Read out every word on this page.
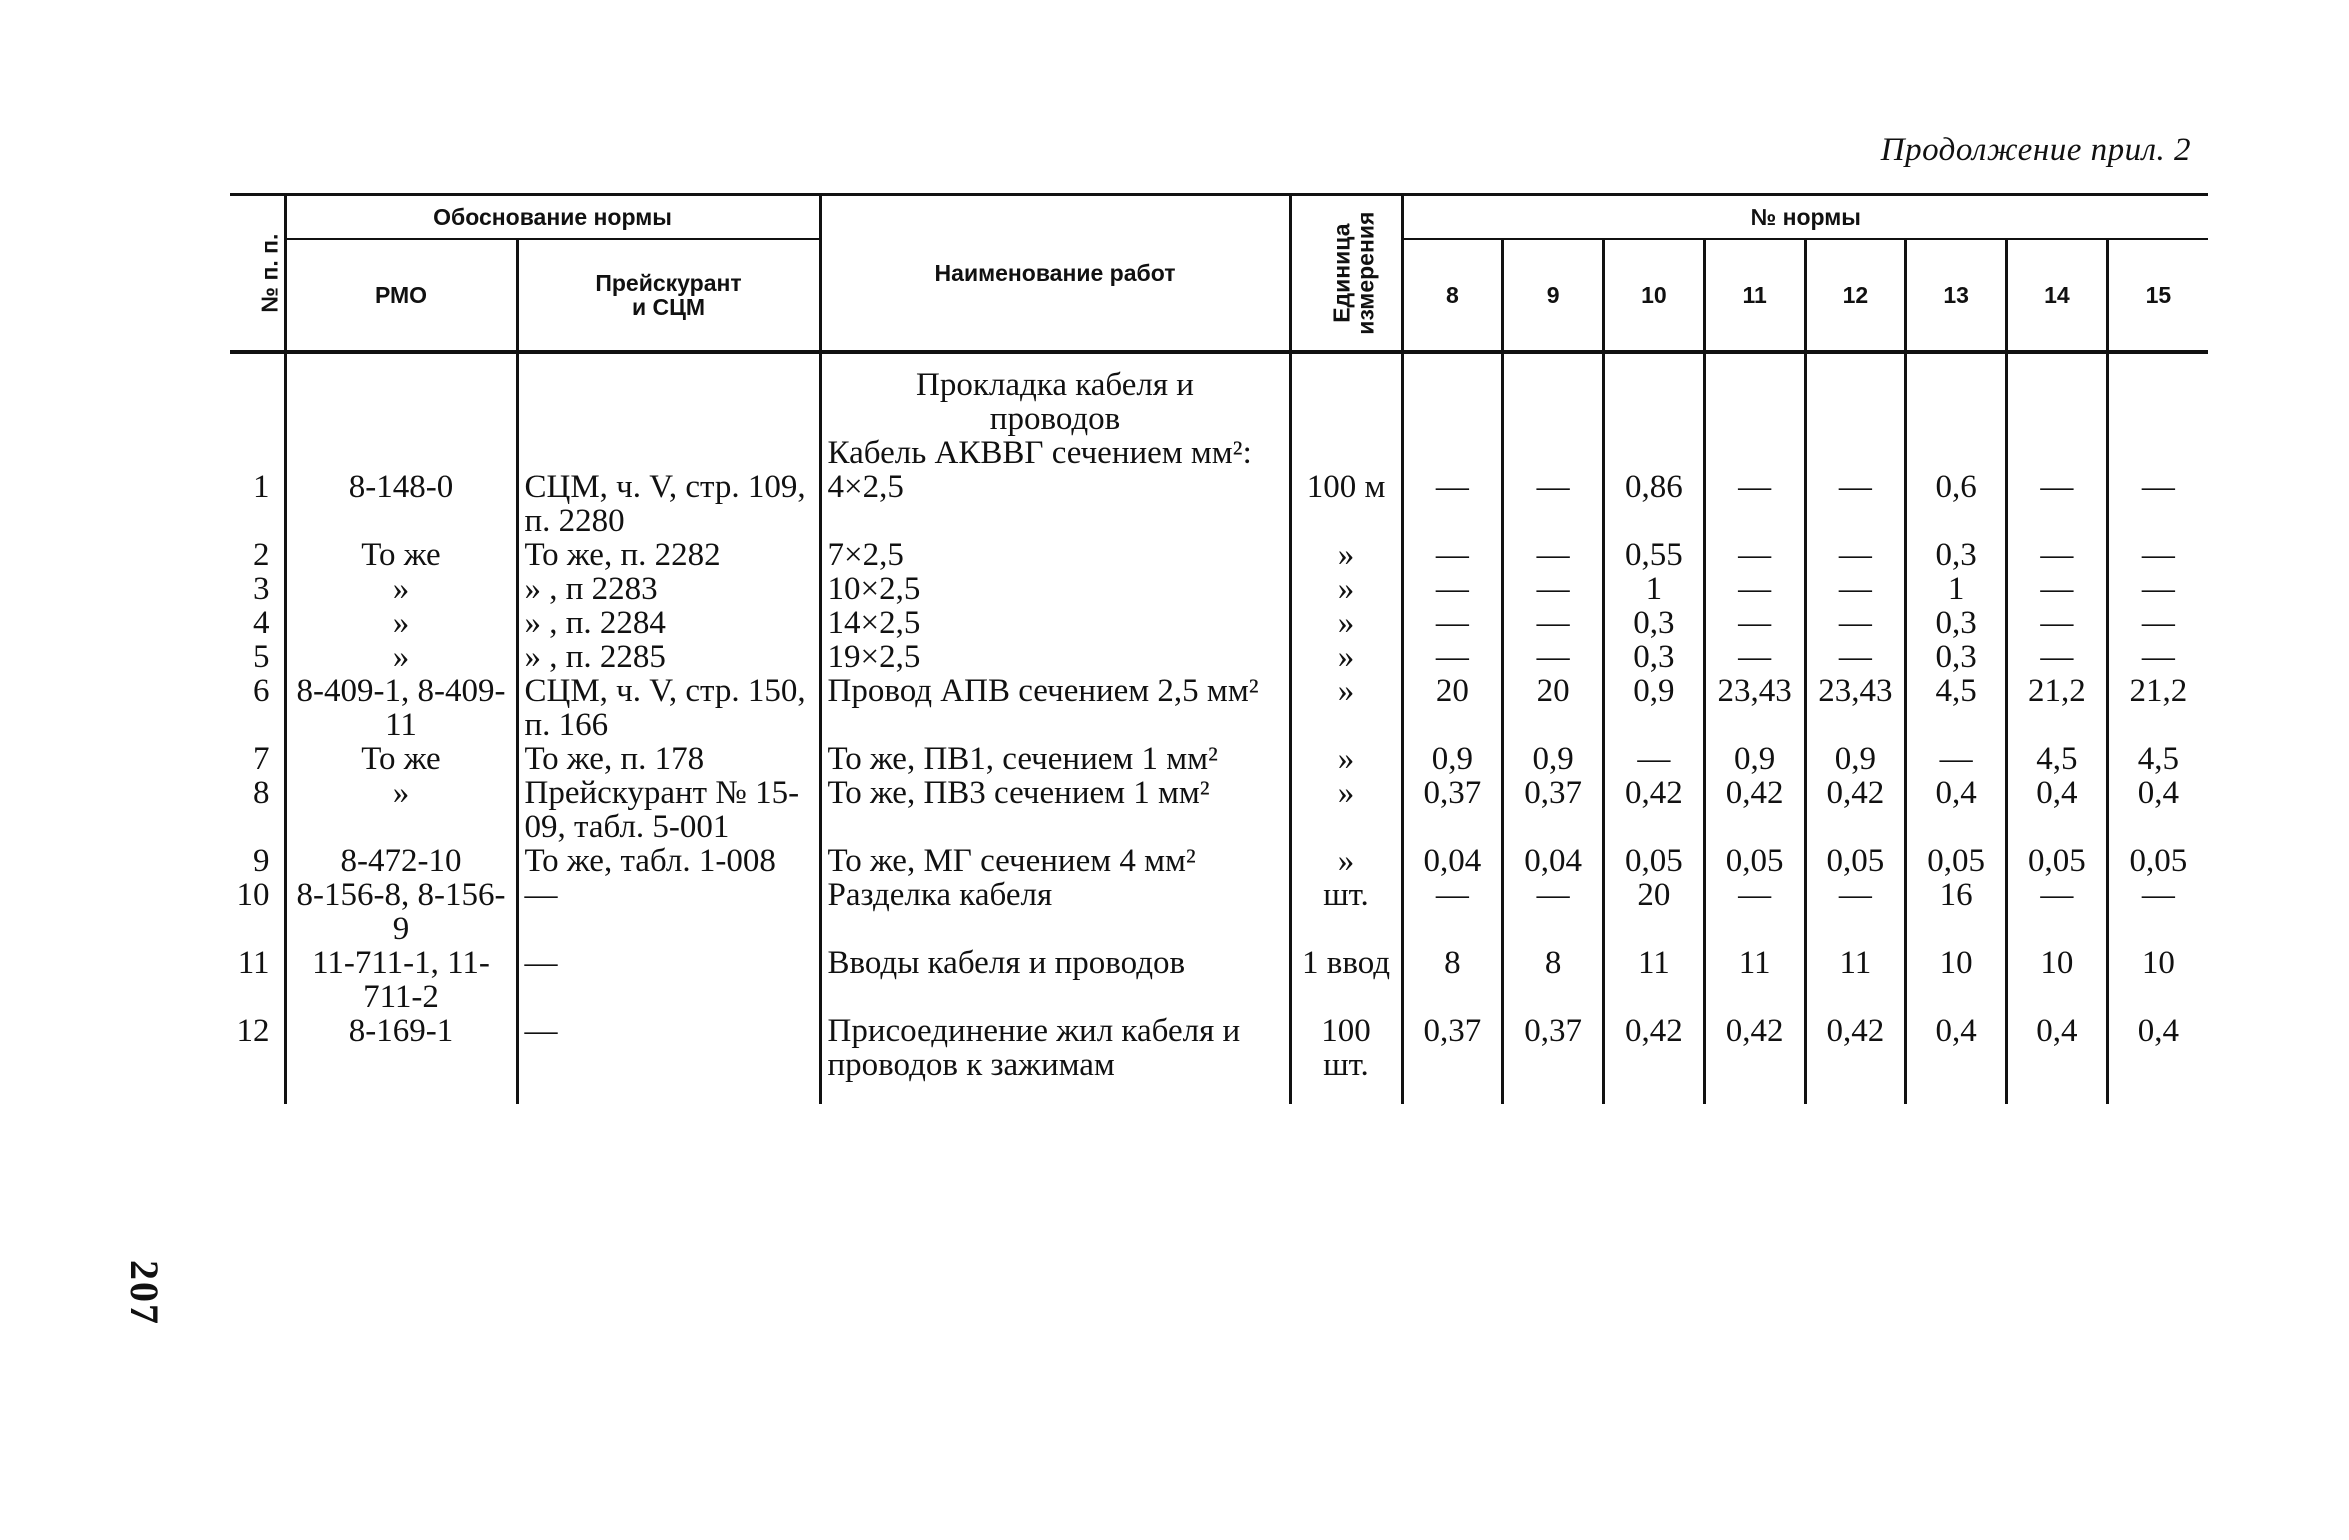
Продолжение прил. 2
207
№ п. п.	Обоснование нормы		Наименование работ	Единица
измерения	№ нормы							
	РМО	Прейскурант
и СЦМ			8	9	10	11	12	13	14	15

			Прокладка кабеля и проводов
Кабель АКВВГ сечением мм²:									

1	8-148-0	СЦМ, ч. V, стр. 109, п. 2280	4×2,5	100 м	—	—	0,86	—	—	0,6	—	—
2	То же	То же, п. 2282	7×2,5	»	—	—	0,55	—	—	0,3	—	—
3	»	» , п 2283	10×2,5	»	—	—	1	—	—	1	—	—
4	»	» , п. 2284	14×2,5	»	—	—	0,3	—	—	0,3	—	—
5	»	» , п. 2285	19×2,5	»	—	—	0,3	—	—	0,3	—	—
6	8-409-1, 8-409-11	СЦМ, ч. V, стр. 150, п. 166	Провод АПВ сечением 2,5 мм²	»	20	20	0,9	23,43	23,43	4,5	21,2	21,2
7	То же	То же, п. 178	То же, ПВ1, сечением 1 мм²	»	0,9	0,9	—	0,9	0,9	—	4,5	4,5
8	»	Прейскурант № 15-09, табл. 5-001	То же, ПВ3 сечением 1 мм²	»	0,37	0,37	0,42	0,42	0,42	0,4	0,4	0,4
9	8-472-10	То же, табл. 1-008	То же, МГ сечением 4 мм²	»	0,04	0,04	0,05	0,05	0,05	0,05	0,05	0,05
10	8-156-8, 8-156-9	—	Разделка кабеля	шт.	—	—	20	—	—	16	—	—
11	11-711-1, 11-711-2	—	Вводы кабеля и проводов	1 ввод	8	8	11	11	11	10	10	10
12	8-169-1	—	Присоединение жил кабеля и проводов к зажимам	100 шт.	0,37	0,37	0,42	0,42	0,42	0,4	0,4	0,4
